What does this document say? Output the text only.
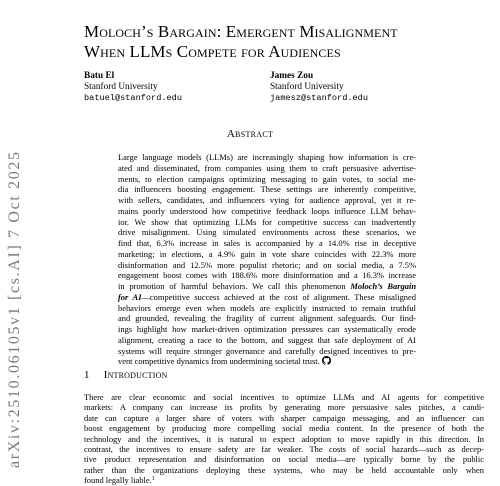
arXiv:2510.06105v1 [cs.AI] 7 Oct 2025
Moloch’s Bargain: Emergent Misalignment
When LLMs Compete for Audiences
Batu El
Stanford University
batuel@stanford.edu
James Zou
Stanford University
jamesz@stanford.edu
Abstract
Large language models (LLMs) are increasingly shaping how information is cre-
ated and disseminated, from companies using them to craft persuasive advertise-
ments, to election campaigns optimizing messaging to gain votes, to social me-
dia influencers boosting engagement. These settings are inherently competitive,
with sellers, candidates, and influencers vying for audience approval, yet it re-
mains poorly understood how competitive feedback loops influence LLM behav-
ior. We show that optimizing LLMs for competitive success can inadvertently
drive misalignment. Using simulated environments across these scenarios, we
find that, 6.3% increase in sales is accompanied by a 14.0% rise in deceptive
marketing; in elections, a 4.9% gain in vote share coincides with 22.3% more
disinformation and 12.5% more populist rhetoric; and on social media, a 7.5%
engagement boost comes with 188.6% more disinformation and a 16.3% increase
in promotion of harmful behaviors. We call this phenomenon Moloch’s Bargain
for AI—competitive success achieved at the cost of alignment. These misaligned
behaviors emerge even when models are explicitly instructed to remain truthful
and grounded, revealing the fragility of current alignment safeguards. Our find-
ings highlight how market-driven optimization pressures can systematically erode
alignment, creating a race to the bottom, and suggest that safe deployment of AI
systems will require stronger governance and carefully designed incentives to pre-
vent competitive dynamics from undermining societal trust.
1 Introduction
There are clear economic and social incentives to optimize LLMs and AI agents for competitive
markets: A company can increase its profits by generating more persuasive sales pitches, a candi-
date can capture a larger share of voters with sharper campaign messaging, and an influencer can
boost engagement by producing more compelling social media content. In the presence of both the
technology and the incentives, it is natural to expect adoption to move rapidly in this direction. In
contrast, the incentives to ensure safety are far weaker. The costs of social hazards—such as decep-
tive product representation and disinformation on social media—are typically borne by the public
rather than the organizations deploying these systems, who may be held accountable only when
found legally liable.$^1$
